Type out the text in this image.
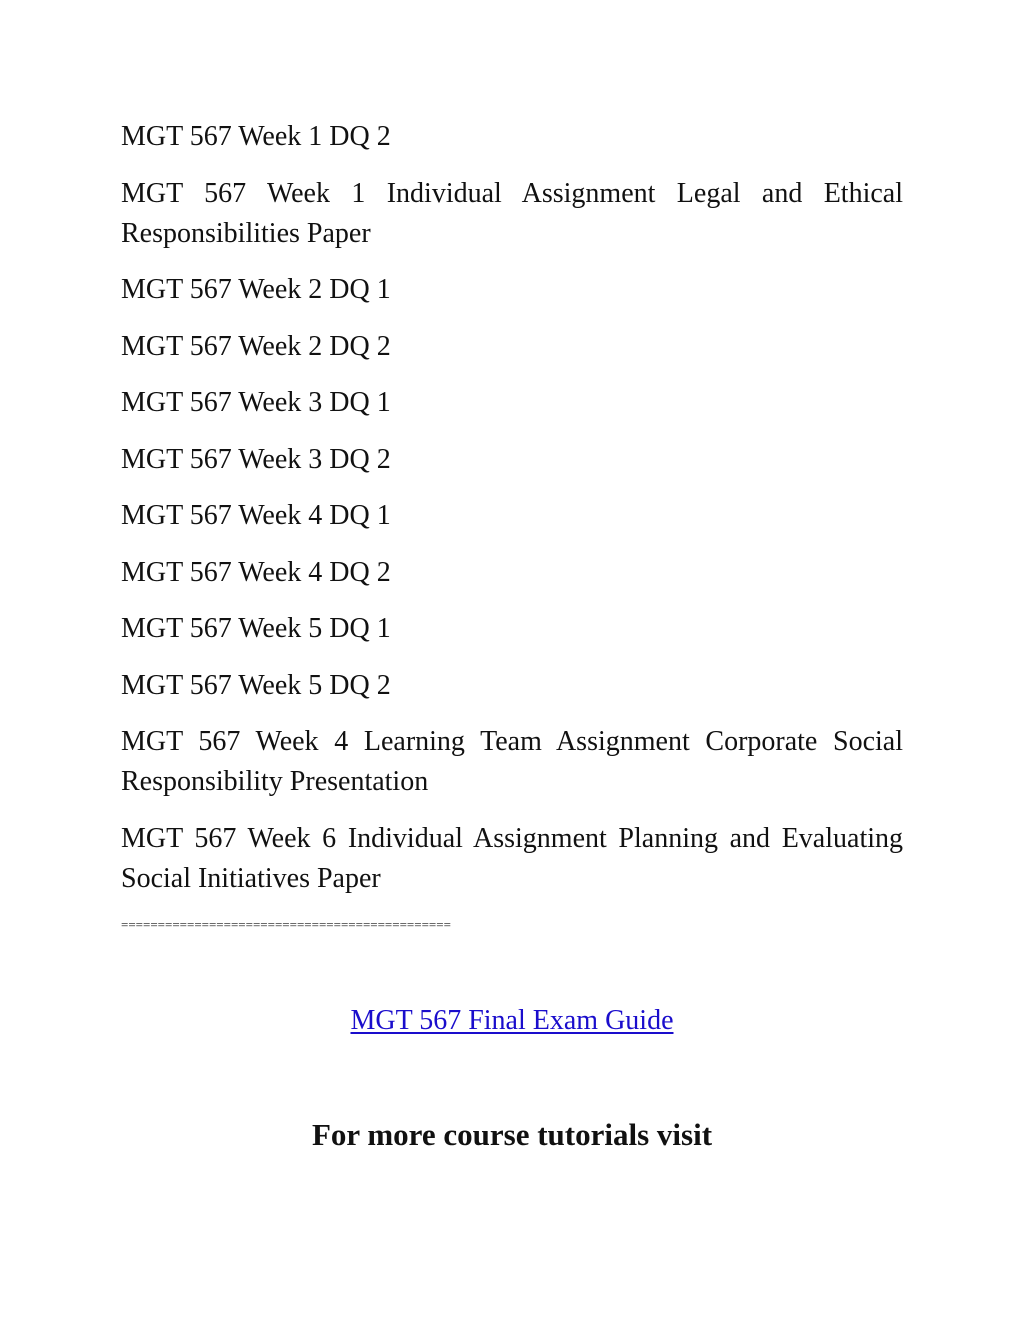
MGT 567 Week 1 DQ 2
MGT 567 Week 1 Individual Assignment Legal and Ethical Responsibilities Paper
MGT 567 Week 2 DQ 1
MGT 567 Week 2 DQ 2
MGT 567 Week 3 DQ 1
MGT 567 Week 3 DQ 2
MGT 567 Week 4 DQ 1
MGT 567 Week 4 DQ 2
MGT 567 Week 5 DQ 1
MGT 567 Week 5 DQ 2
MGT 567 Week 4 Learning Team Assignment Corporate Social Responsibility Presentation
MGT 567 Week 6 Individual Assignment Planning and Evaluating Social Initiatives Paper
=============================================
MGT 567 Final Exam Guide
For more course tutorials visit
